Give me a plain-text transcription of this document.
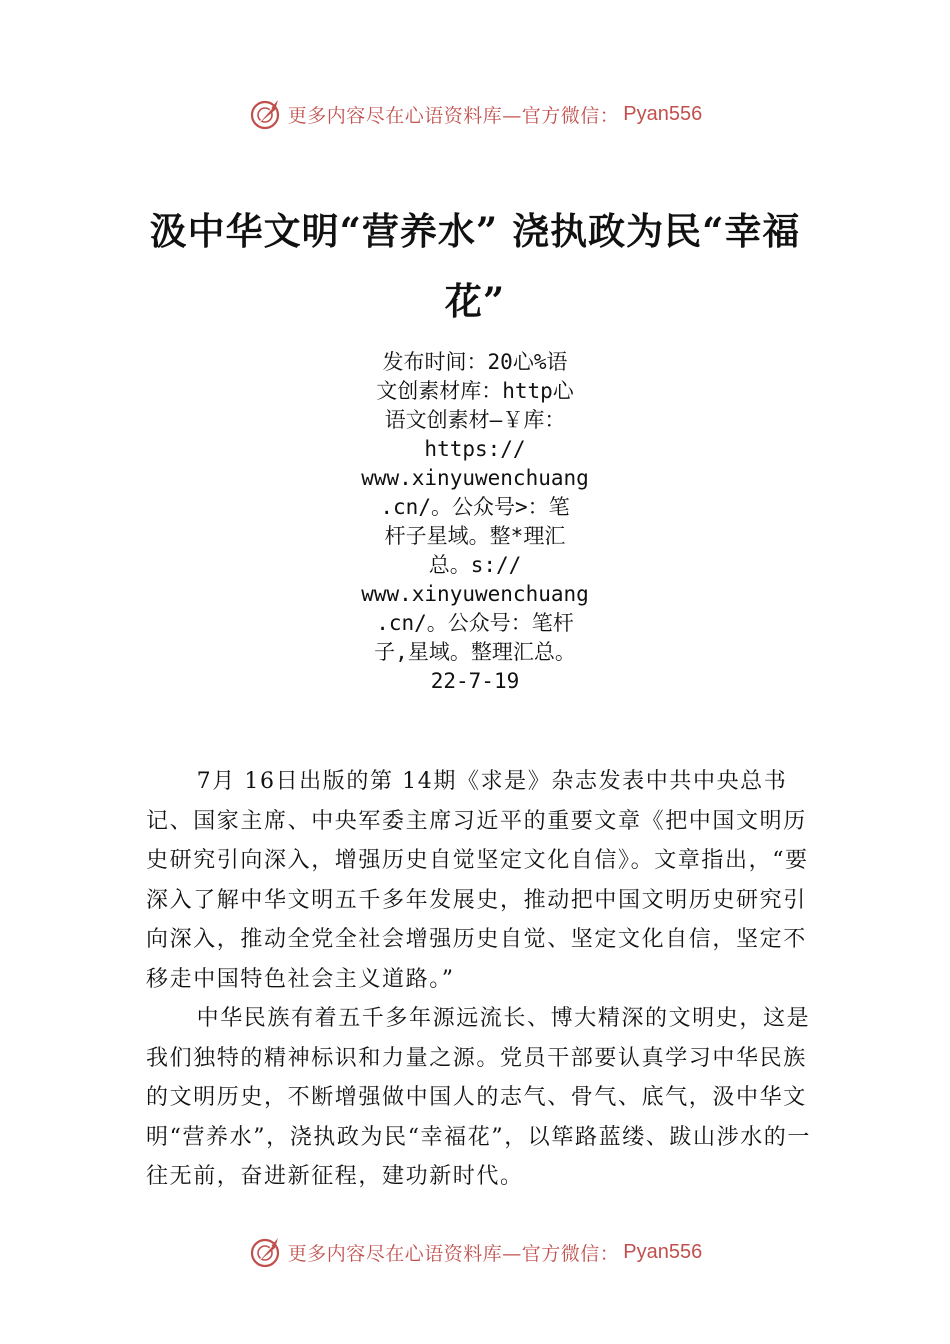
更多内容尽在心语资料库—官方微信： Pyan556
汲中华文明“营养水” 浇执政为民“幸福
花”
发布时间：20心%语
文创素材库：http心
语文创素材—￥库：
https://
www.xinyuwenchuang
.cn/。公众号>：笔
杆子星域。整*理汇
总。s://
www.xinyuwenchuang
.cn/。公众号：笔杆
子,星域。整理汇总。
22-7-19

7月 16日出版的第 14期《求是》杂志发表中共中央总书记、国家主席、中央军委主席习近平的重要文章《把中国文明历史研究引向深入，增强历史自觉坚定文化自信》。文章指出，“要深入了解中华文明五千多年发展史，推动把中国文明历史研究引向深入，推动全党全社会增强历史自觉、坚定文化自信，坚定不移走中国特色社会主义道路。”

中华民族有着五千多年源远流长、博大精深的文明史，这是我们独特的精神标识和力量之源。党员干部要认真学习中华民族的文明历史，不断增强做中国人的志气、骨气、底气，汲中华文明“营养水”，浇执政为民“幸福花”，以筚路蓝缕、跋山涉水的一往无前，奋进新征程，建功新时代。

更多内容尽在心语资料库—官方微信： Pyan556
